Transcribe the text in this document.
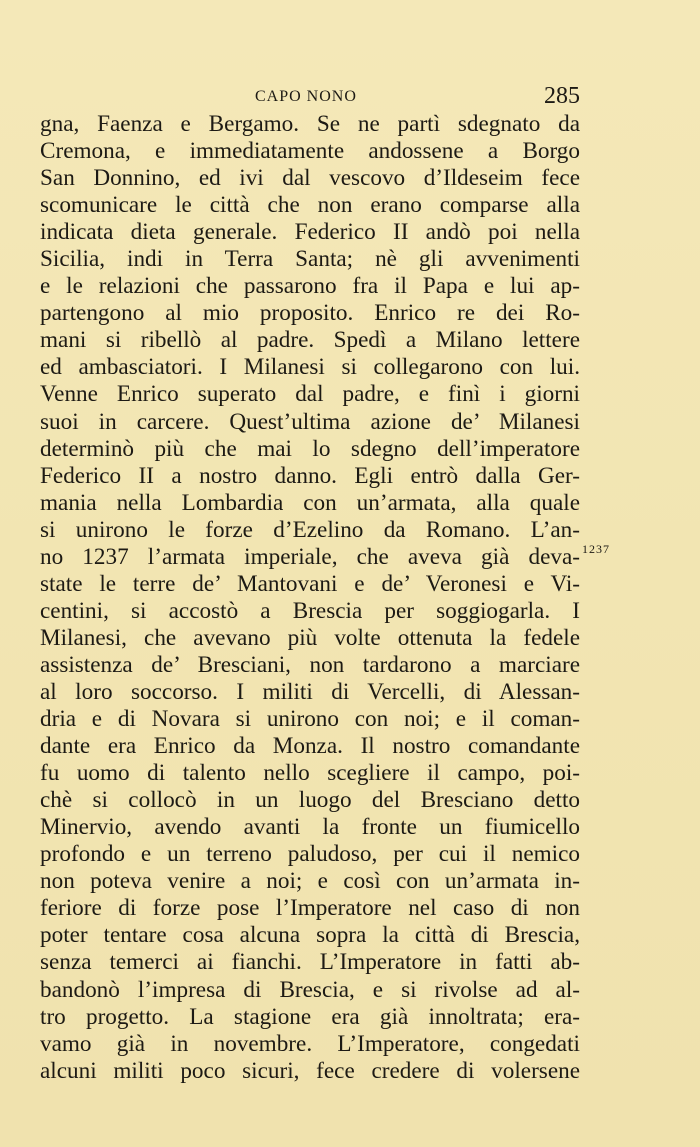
CAPO NONO	285
gna, Faenza e Bergamo. Se ne partì sdegnato da
Cremona, e immediatamente andossene a Borgo
San Donnino, ed ivi dal vescovo d’Ildeseim fece
scomunicare le città che non erano comparse alla
indicata dieta generale. Federico II andò poi nella
Sicilia, indi in Terra Santa; nè gli avvenimenti
e le relazioni che passarono fra il Papa e lui ap-
partengono al mio proposito. Enrico re dei Ro-
mani si ribellò al padre. Spedì a Milano lettere
ed ambasciatori. I Milanesi si collegarono con lui.
Venne Enrico superato dal padre, e finì i giorni
suoi in carcere. Quest’ultima azione de’ Milanesi
determinò più che mai lo sdegno dell’imperatore
Federico II a nostro danno. Egli entrò dalla Ger-
mania nella Lombardia con un’armata, alla quale
si unirono le forze d’Ezelino da Romano. L’an-
no 1237 l’armata imperiale, che aveva già deva-
state le terre de’ Mantovani e de’ Veronesi e Vi-
centini, si accostò a Brescia per soggiogarla. I
Milanesi, che avevano più volte ottenuta la fedele
assistenza de’ Bresciani, non tardarono a marciare
al loro soccorso. I militi di Vercelli, di Alessan-
dria e di Novara si unirono con noi; e il coman-
dante era Enrico da Monza. Il nostro comandante
fu uomo di talento nello scegliere il campo, poi-
chè si collocò in un luogo del Bresciano detto
Minervio, avendo avanti la fronte un fiumicello
profondo e un terreno paludoso, per cui il nemico
non poteva venire a noi; e così con un’armata in-
feriore di forze pose l’Imperatore nel caso di non
poter tentare cosa alcuna sopra la città di Brescia,
senza temerci ai fianchi. L’Imperatore in fatti ab-
bandonò l’impresa di Brescia, e si rivolse ad al-
tro progetto. La stagione era già innoltrata; era-
vamo già in novembre. L’Imperatore, congedati
alcuni militi poco sicuri, fece credere di volersene
1237
